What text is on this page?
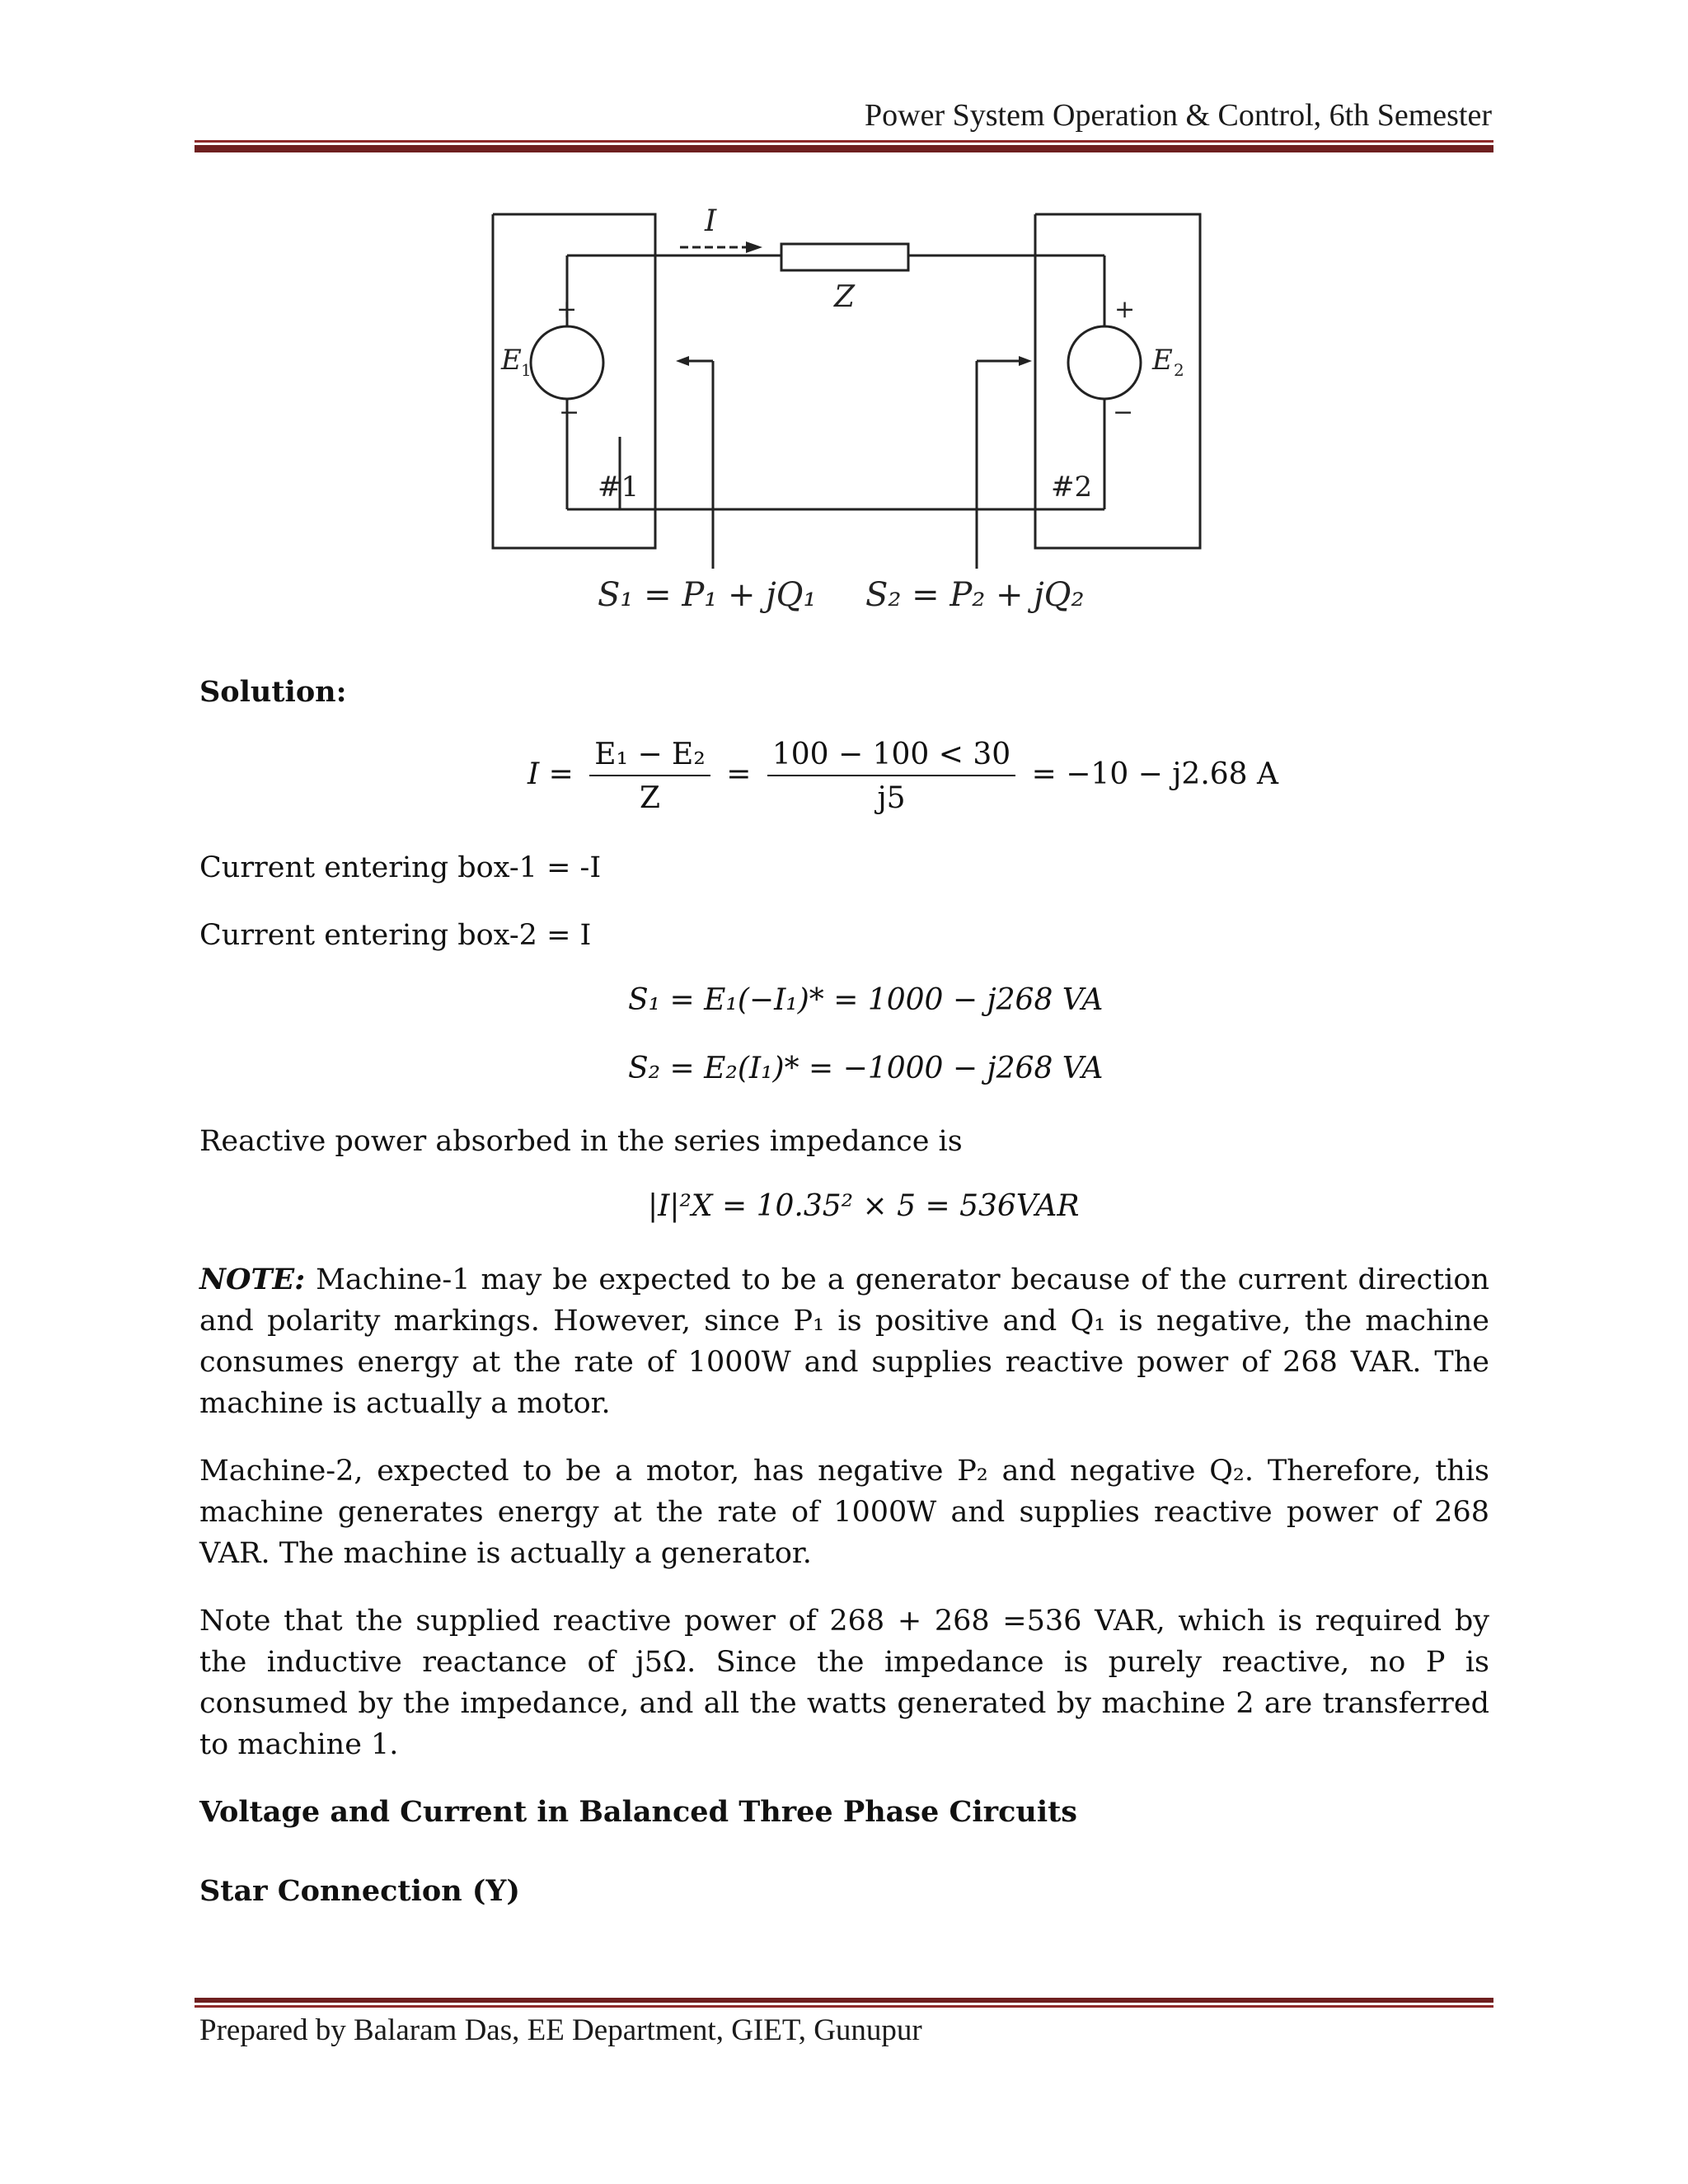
Power System Operation & Control, 6th Semester
I
Z
+
−
E 1
+
−
E 2
#1	#2
S₁ = P₁ + jQ₁ S₂ = P₂ + jQ₂
Solution:
$I = \frac{\text{E₁ − E₂}}{Z} = \frac{100 - 100 < 30}{j5} = -10 - j2.68$ A
Current entering box-1 = -I
Current entering box-2 = I
S₁ = E₁(−I₁)* = 1000 − j268 VA
S₂ = E₂(I₁)* = −1000 − j268 VA
Reactive power absorbed in the series impedance is
|I|²X = 10.35² × 5 = 536VAR
NOTE: Machine-1 may be expected to be a generator because of the current direction and polarity markings. However, since P₁ is positive and Q₁ is negative, the machine consumes energy at the rate of 1000W and supplies reactive power of 268 VAR. The machine is actually a motor.
Machine-2, expected to be a motor, has negative P₂ and negative Q₂. Therefore, this machine generates energy at the rate of 1000W and supplies reactive power of 268 VAR. The machine is actually a generator.
Note that the supplied reactive power of 268 + 268 =536 VAR, which is required by the inductive reactance of j5Ω. Since the impedance is purely reactive, no P is consumed by the impedance, and all the watts generated by machine 2 are transferred to machine 1.
Voltage and Current in Balanced Three Phase Circuits
Star Connection (Y)
Prepared by Balaram Das, EE Department, GIET, Gunupur
